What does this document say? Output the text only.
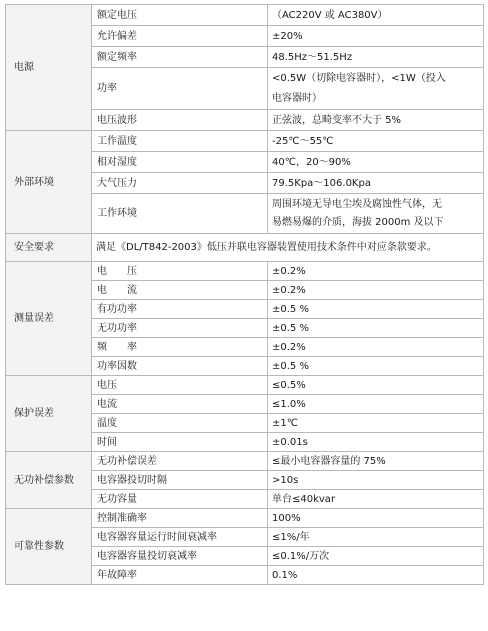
电源	额定电压	（AC220V 或 AC380V）
	允许偏差	±20%
	额定频率	48.5Hz～51.5Hz
	功率	<0.5W（切除电容器时），<1W（投入
电容器时）

	电压波形	正弦波，总畸变率不大于 5%
外部环境	工作温度	-25℃～55℃
	相对湿度	40℃，20～90%
	大气压力	79.5Kpa～106.0Kpa
	工作环境	周围环境无导电尘埃及腐蚀性气体，无
易燃易爆的介质，海拔 2000m 及以下

安全要求	满足《DL/T842-2003》低压并联电容器装置使用技术条件中对应条款要求。	
测量误差	电　　压	±0.2%
	电　　流	±0.2%
	有功功率	±0.5 %
	无功功率	±0.5 %
	频　　率	±0.2%
	功率因数	±0.5 %
保护误差	电压	≤0.5%
	电流	≤1.0%
	温度	±1℃
	时间	±0.01s
无功补偿参数	无功补偿误差	≤最小电容器容量的 75%
	电容器投切时隔	>10s
	无功容量	单台≤40kvar
可靠性参数	控制准确率	100%
	电容器容量运行时间衰减率	≤1%/年
	电容器容量投切衰减率	≤0.1%/万次
	年故障率	0.1%
